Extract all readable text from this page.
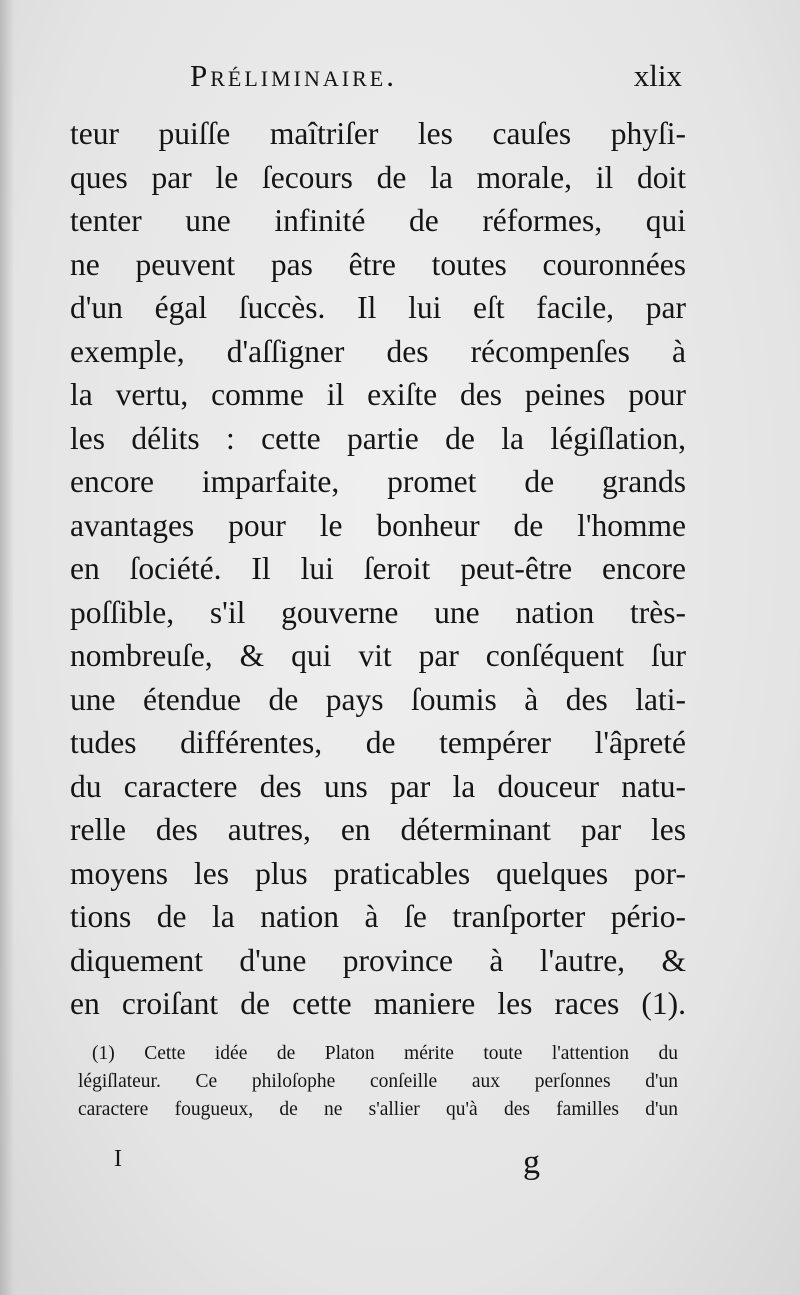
Préliminaire.	xlix
teur puiſſe maîtriſer les cauſes phyſi-
ques par le ſecours de la morale, il doit
tenter une infinité de réformes, qui
ne peuvent pas être toutes couronnées
d'un égal ſuccès. Il lui eſt facile, par
exemple, d'aſſigner des récompenſes à
la vertu, comme il exiſte des peines pour
les délits : cette partie de la légiſlation,
encore imparfaite, promet de grands
avantages pour le bonheur de l'homme
en ſociété. Il lui ſeroit peut-être encore
poſſible, s'il gouverne une nation très-
nombreuſe, & qui vit par conſéquent ſur
une étendue de pays ſoumis à des lati-
tudes différentes, de tempérer l'âpreté
du caractere des uns par la douceur natu-
relle des autres, en déterminant par les
moyens les plus praticables quelques por-
tions de la nation à ſe tranſporter pério-
diquement d'une province à l'autre, &
en croiſant de cette maniere les races (1).
(1) Cette idée de Platon mérite toute l'attention du
légiſlateur. Ce philoſophe conſeille aux perſonnes d'un
caractere fougueux, de ne s'allier qu'à des familles d'un
I	g
